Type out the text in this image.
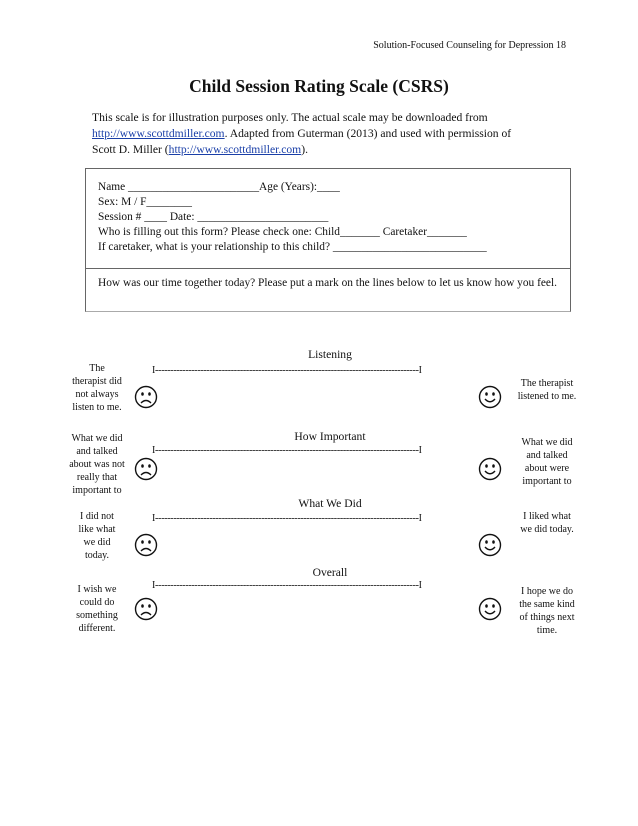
Solution-Focused Counseling for Depression 18
Child Session Rating Scale (CSRS)
This scale is for illustration purposes only. The actual scale may be downloaded from
http://www.scottdmiller.com. Adapted from Guterman (2013) and used with permission of
Scott D. Miller (http://www.scottdmiller.com).
Name _______________________Age (Years):____
Sex: M / F________
Session # ____ Date: _______________________
Who is filling out this form? Please check one: Child_______ Caretaker_______
If caretaker, what is your relationship to this child? ___________________________
How was our time together today? Please put a mark on the lines below to let us know how you feel.
Listening
I---------------------------------------------------------------------------------------I
The
therapist did
not always
listen to me.
The therapist
listened to me.
How Important
I---------------------------------------------------------------------------------------I
What we did
and talked
about was not
really that
important to
What we did
and talked
about were
important to
What We Did
I---------------------------------------------------------------------------------------I
I did not
like what
we did
today.
I liked what
we did today.
Overall
I---------------------------------------------------------------------------------------I
I wish we
could do
something
different.
I hope we do
the same kind
of things next
time.
